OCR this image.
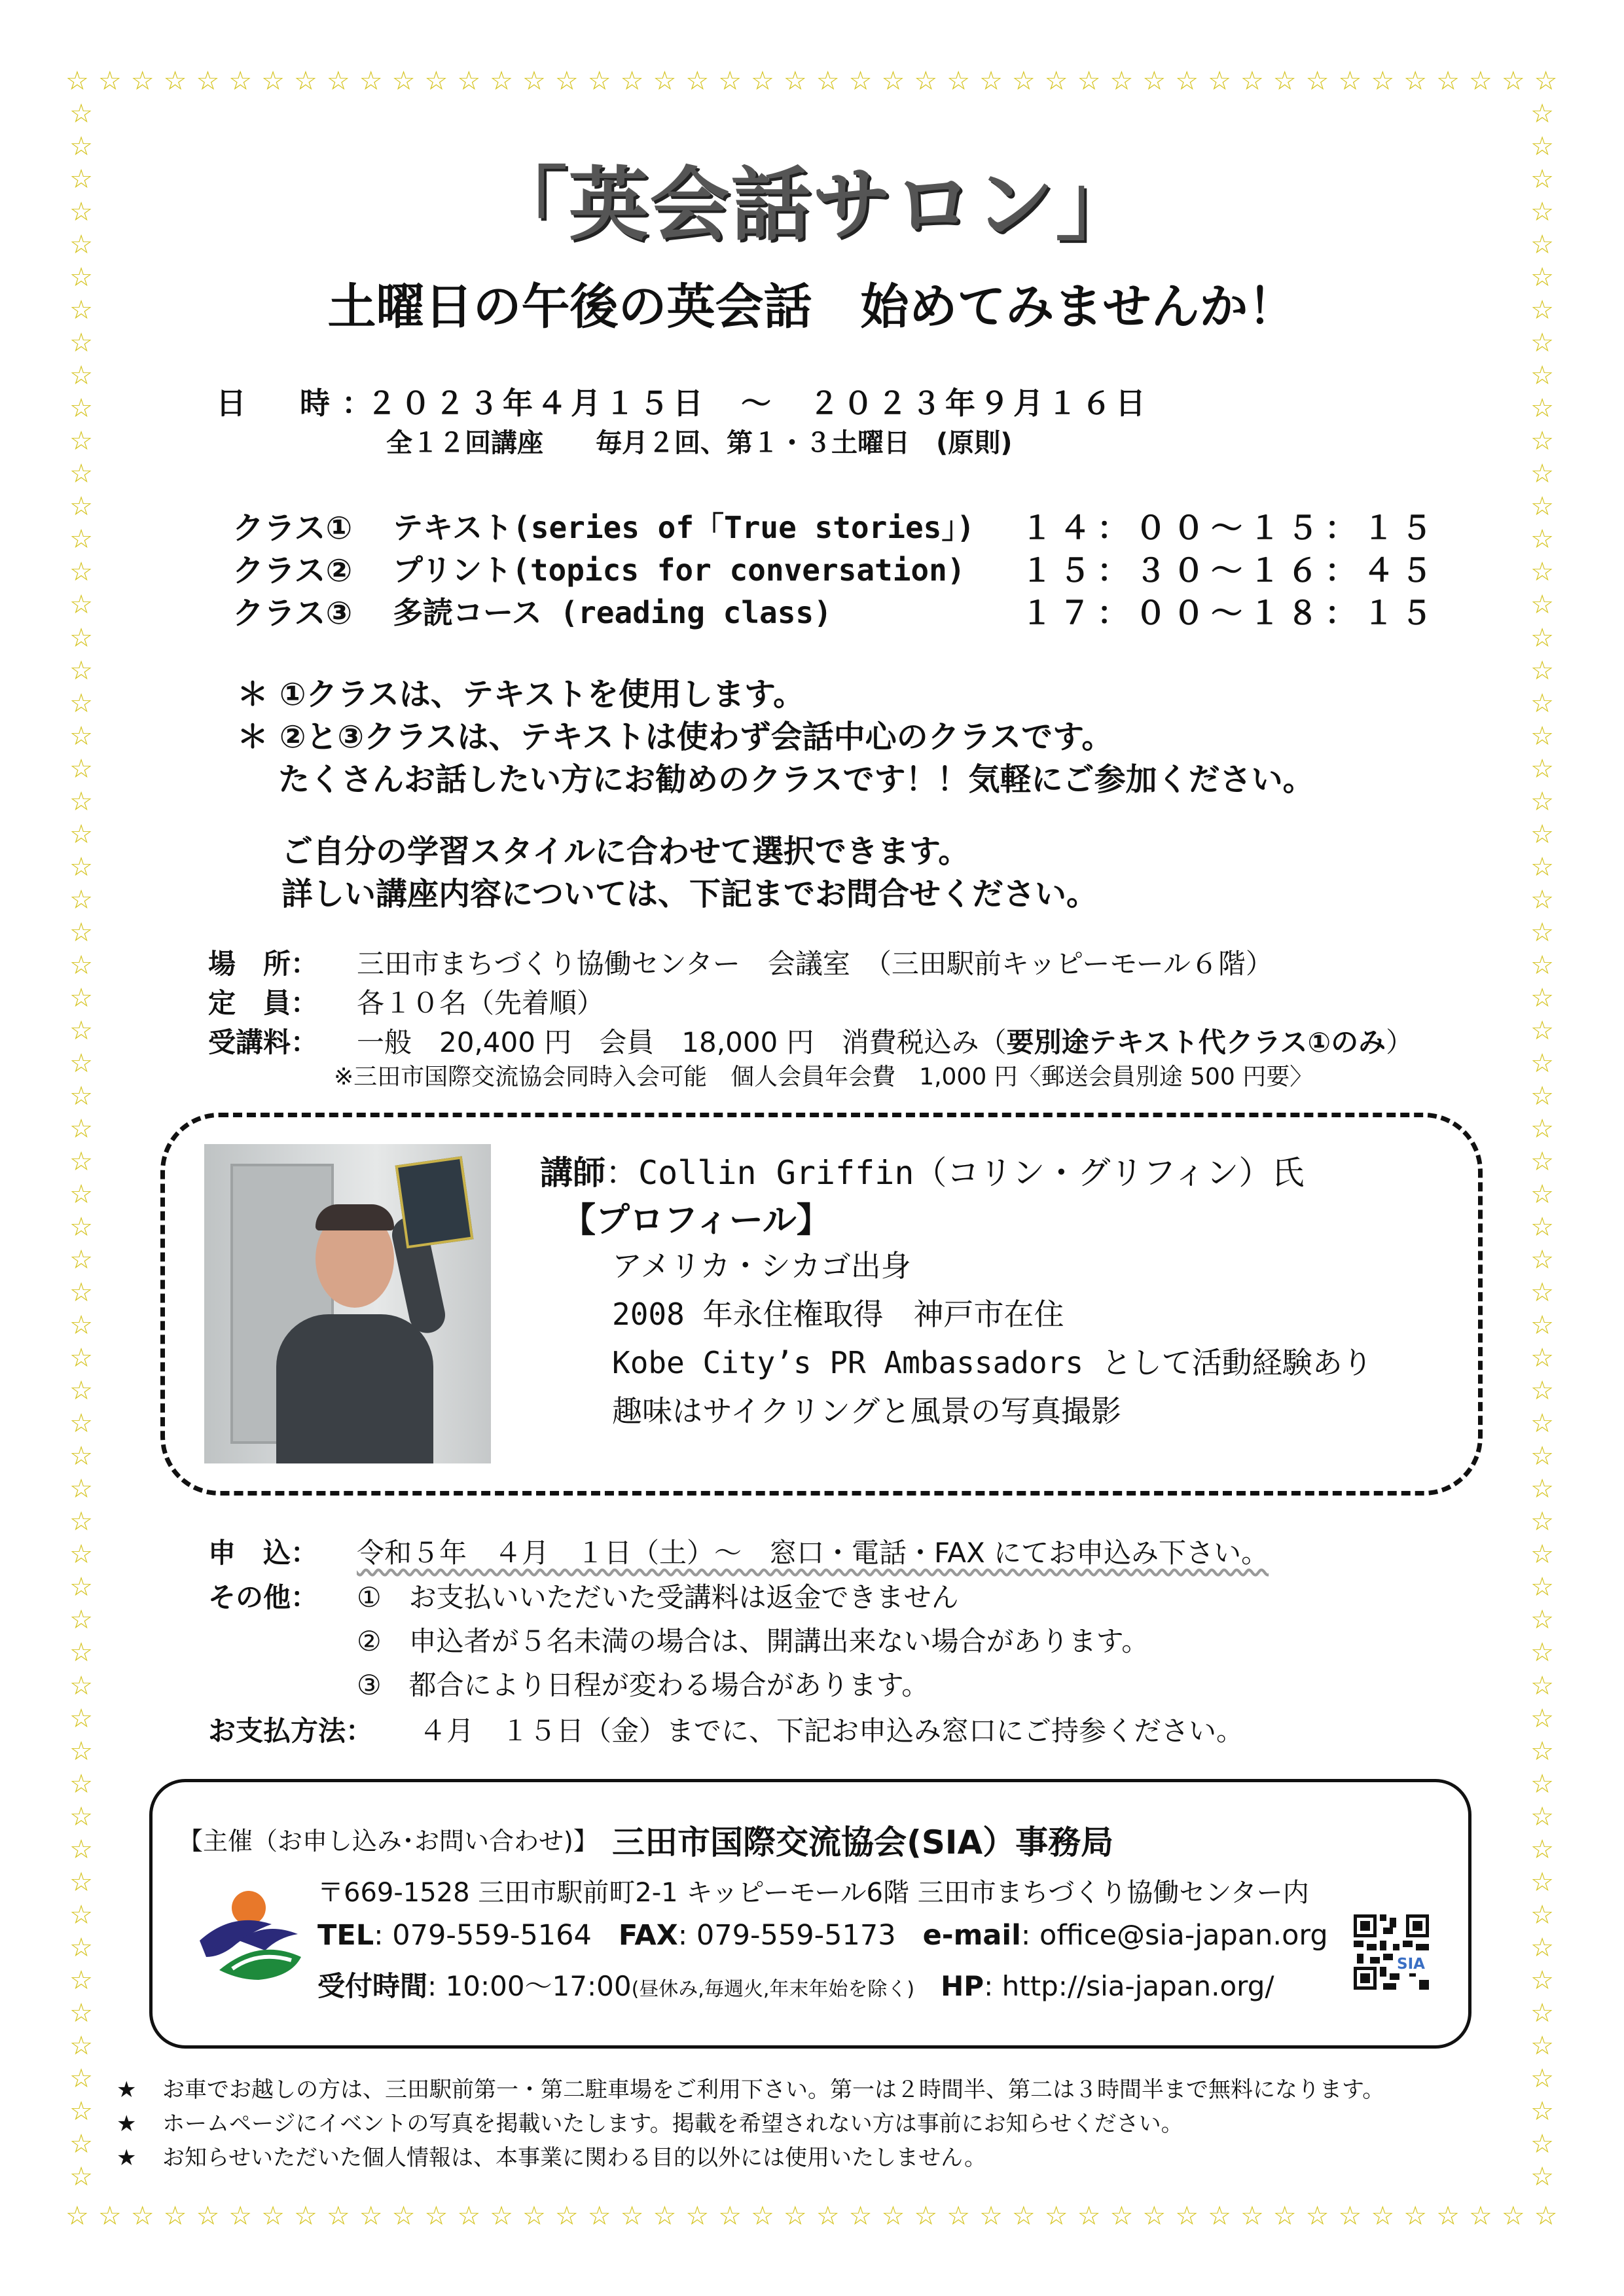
☆ ☆ ☆ ☆ ☆ ☆ ☆ ☆ ☆ ☆ ☆ ☆ ☆ ☆ ☆ ☆ ☆ ☆ ☆ ☆ ☆ ☆ ☆ ☆ ☆ ☆ ☆ ☆ ☆ ☆ ☆ ☆ ☆ ☆ ☆ ☆ ☆ ☆ ☆ ☆ ☆ ☆ ☆ ☆ ☆ ☆
☆ ☆ ☆ ☆ ☆ ☆ ☆ ☆ ☆ ☆ ☆ ☆ ☆ ☆ ☆ ☆ ☆ ☆ ☆ ☆ ☆ ☆ ☆ ☆ ☆ ☆ ☆ ☆ ☆ ☆ ☆ ☆ ☆ ☆ ☆ ☆ ☆ ☆ ☆ ☆ ☆ ☆ ☆ ☆ ☆ ☆
☆
☆
☆
☆
☆
☆
☆
☆
☆
☆
☆
☆
☆
☆
☆
☆
☆
☆
☆
☆
☆
☆
☆
☆
☆
☆
☆
☆
☆
☆
☆
☆
☆
☆
☆
☆
☆
☆
☆
☆
☆
☆
☆
☆
☆
☆
☆
☆
☆
☆
☆
☆
☆
☆
☆
☆
☆
☆
☆
☆
☆
☆
☆
☆
☆
☆
☆
☆
☆
☆
☆
☆
☆
☆
☆
☆
☆
☆
☆
☆
☆
☆
☆
☆
☆
☆
☆
☆
☆
☆
☆
☆
☆
☆
☆
☆
☆
☆
☆
☆
☆
☆
☆
☆
☆
☆
☆
☆
☆
☆
☆
☆
☆
☆
☆
☆
☆
☆
☆
☆
☆
☆
☆
☆
☆
☆
☆
☆
「英会話サロン」
土曜日の午後の英会話　始めてみませんか！
日　時：
２０２３年４月１５日　～　２０２３年９月１６日
全１２回講座　　毎月２回、第１・３土曜日　(原則)
クラス① テキスト(series of「True stories」) １４：００～１５：１５
クラス② プリント(topics for conversation) １５：３０～１６：４５
クラス③ 多読コース (reading class)	１７：００～１８：１５
＊ ①クラスは、テキストを使用します。
＊ ②と③クラスは、テキストは使わず会話中心のクラスです。
たくさんお話したい方にお勧めのクラスです！！気軽にご参加ください。
ご自分の学習スタイルに合わせて選択できます。
詳しい講座内容については、下記までお問合せください。
場　所： 三田市まちづくり協働センター　会議室　（三田駅前キッピーモール６階）
定　員： 各１０名（先着順）
受講料： 一般　20,400 円　会員　18,000 円　消費税込み（要別途テキスト代クラス①のみ）
※三田市国際交流協会同時入会可能　個人会員年会費　1,000 円〈郵送会員別途 500 円要〉
講師：Collin Griffin（コリン・グリフィン）氏
【プロフィール】
アメリカ・シカゴ出身
2008 年永住権取得　神戸市在住
Kobe City’s PR Ambassadors として活動経験あり
趣味はサイクリングと風景の写真撮影
申　込： 令和５年　４月　１日（土）～　窓口・電話・FAX にてお申込み下さい。
その他： ①　お支払いいただいた受講料は返金できません
②　申込者が５名未満の場合は、開講出来ない場合があります。
③　都合により日程が変わる場合があります。
お支払方法： ４月　１５日（金）までに、下記お申込み窓口にご持参ください。
【主催（お申し込み･お問い合わせ)】 三田市国際交流協会(SIA）事務局
〒669-1528 三田市駅前町2-1 キッピーモール6階 三田市まちづくり協働センター内
TEL: 079-559-5164 FAX: 079-559-5173 e-mail: office@sia-japan.org
受付時間: 10:00～17:00(昼休み,毎週火,年末年始を除く) HP: http://sia-japan.org/
SIA
★ お車でお越しの方は、三田駅前第一・第二駐車場をご利用下さい。第一は２時間半、第二は３時間半まで無料になります。
★ ホームページにイベントの写真を掲載いたします。掲載を希望されない方は事前にお知らせください。
★ お知らせいただいた個人情報は、本事業に関わる目的以外には使用いたしません。
